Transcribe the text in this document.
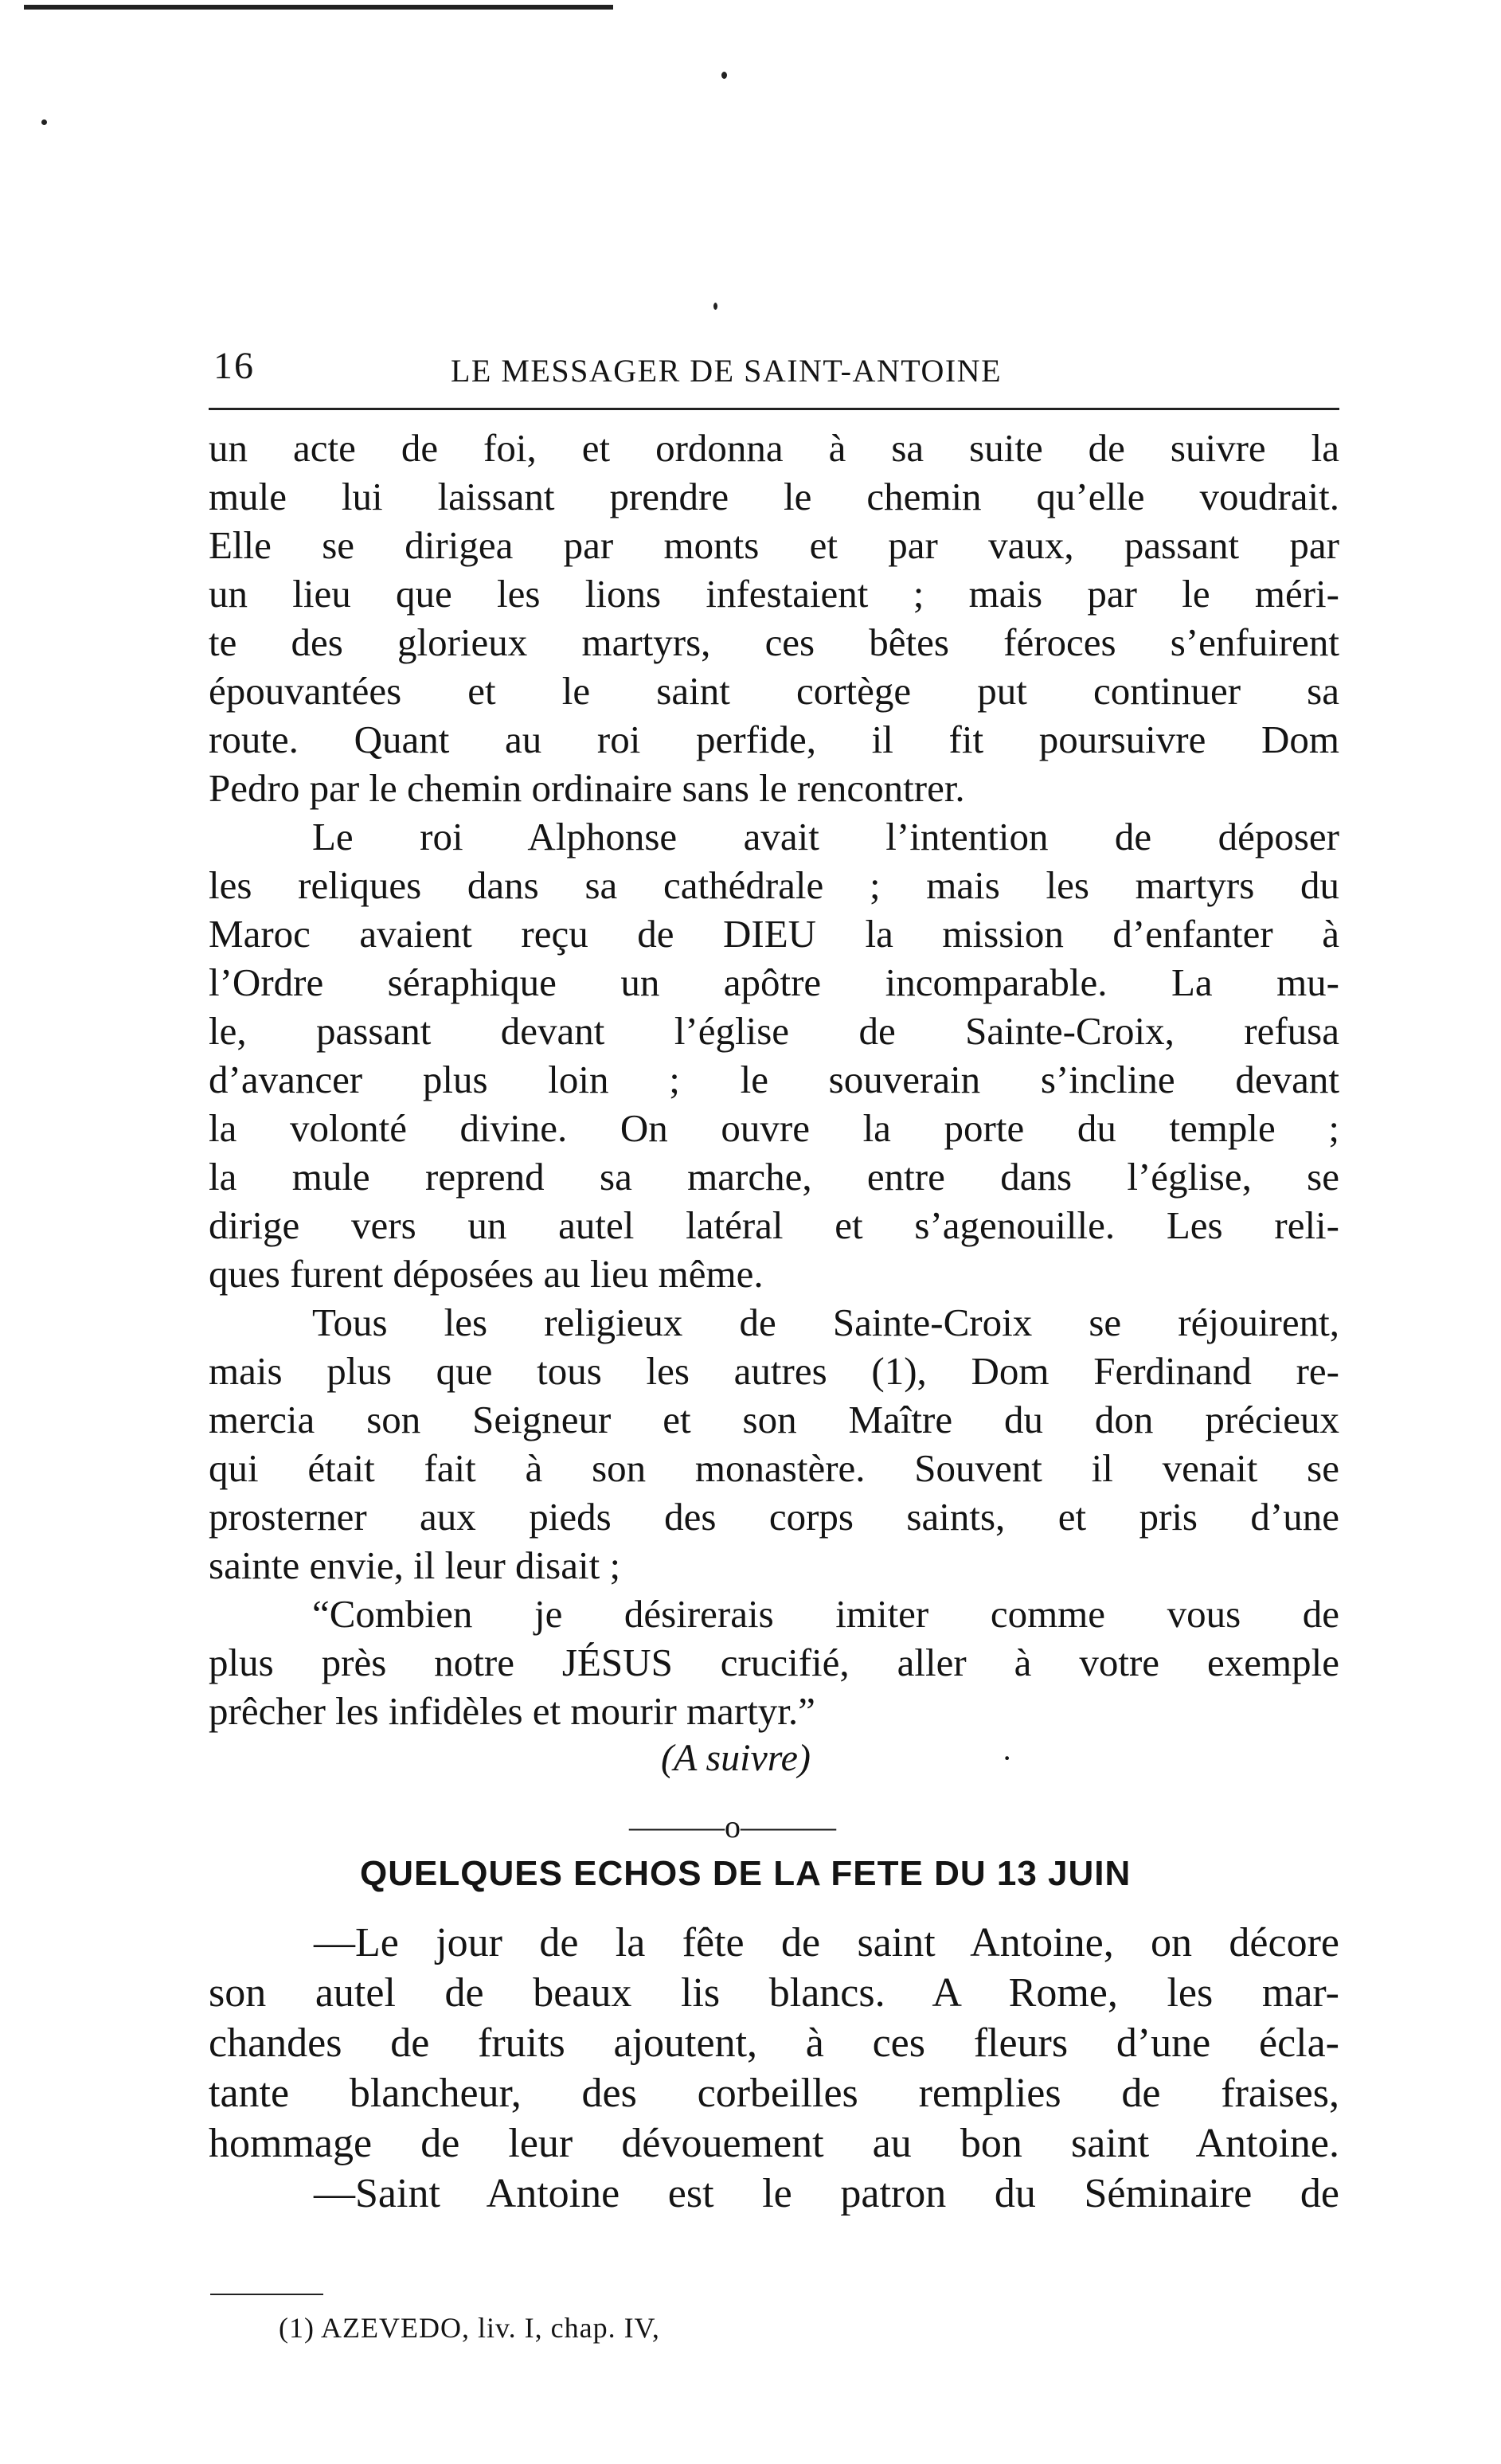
16	LE MESSAGER DE SAINT-ANTOINE
un acte de foi, et ordonna à sa suite de suivre la
mule lui laissant prendre le chemin qu’elle voudrait.
Elle se dirigea par monts et par vaux, passant par
un lieu que les lions infestaient ; mais par le méri-
te des glorieux martyrs, ces bêtes féroces s’enfuirent
épouvantées et le saint cortège put continuer sa
route. Quant au roi perfide, il fit poursuivre Dom
Pedro par le chemin ordinaire sans le rencontrer.
Le roi Alphonse avait l’intention de déposer
les reliques dans sa cathédrale ; mais les martyrs du
Maroc avaient reçu de DIEU la mission d’enfanter à
l’Ordre séraphique un apôtre incomparable. La mu-
le, passant devant l’église de Sainte-Croix, refusa
d’avancer plus loin ; le souverain s’incline devant
la volonté divine. On ouvre la porte du temple ;
la mule reprend sa marche, entre dans l’église, se
dirige vers un autel latéral et s’agenouille. Les reli-
ques furent déposées au lieu même.
Tous les religieux de Sainte-Croix se réjouirent,
mais plus que tous les autres (1), Dom Ferdinand re-
mercia son Seigneur et son Maître du don précieux
qui était fait à son monastère. Souvent il venait se
prosterner aux pieds des corps saints, et pris d’une
sainte envie, il leur disait ;
“Combien je désirerais imiter comme vous de
plus près notre JÉSUS crucifié, aller à votre exemple
prêcher les infidèles et mourir martyr.”
(A suivre)	·
———o———
QUELQUES ECHOS DE LA FETE DU 13 JUIN
—Le jour de la fête de saint Antoine, on décore
son autel de beaux lis blancs. A Rome, les mar-
chandes de fruits ajoutent, à ces fleurs d’une écla-
tante blancheur, des corbeilles remplies de fraises,
hommage de leur dévouement au bon saint Antoine.
—Saint Antoine est le patron du Séminaire de
(1) AZEVEDO, liv. I, chap. IV,
